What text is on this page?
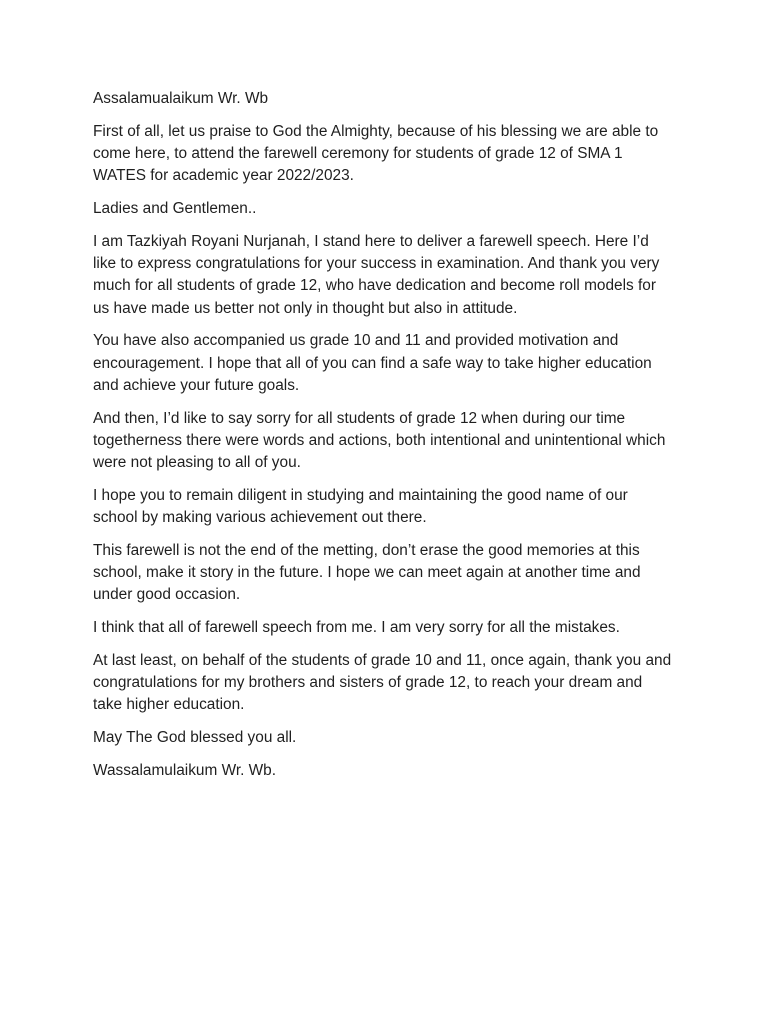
Assalamualaikum Wr. Wb

First of all, let us praise to God the Almighty, because of his blessing we are able to come here, to attend the farewell ceremony for students of grade 12 of SMA 1 WATES for academic year 2022/2023.

Ladies and Gentlemen..

I am Tazkiyah Royani Nurjanah, I stand here to deliver a farewell speech. Here I’d like to express congratulations for your success in examination. And thank you very much for all students of grade 12, who have dedication and become roll models for us have made us better not only in thought but also in attitude.

You have also accompanied us grade 10 and 11 and provided motivation and encouragement. I hope that all of you can find a safe way to take higher education and achieve your future goals.

And then, I’d like to say sorry for all students of grade 12 when during our time togetherness there were words and actions, both intentional and unintentional which were not pleasing to all of you.

I hope you to remain diligent in studying and maintaining the good name of our school by making various achievement out there.

This farewell is not the end of the metting, don’t erase the good memories at this school, make it story in the future. I hope we can meet again at another time and under good occasion.

I think that all of farewell speech from me. I am very sorry for all the mistakes.

At last least, on behalf of the students of grade 10 and 11, once again, thank you and congratulations for my brothers and sisters of grade 12, to reach your dream and take higher education.

May The God blessed you all.

Wassalamulaikum Wr. Wb.
